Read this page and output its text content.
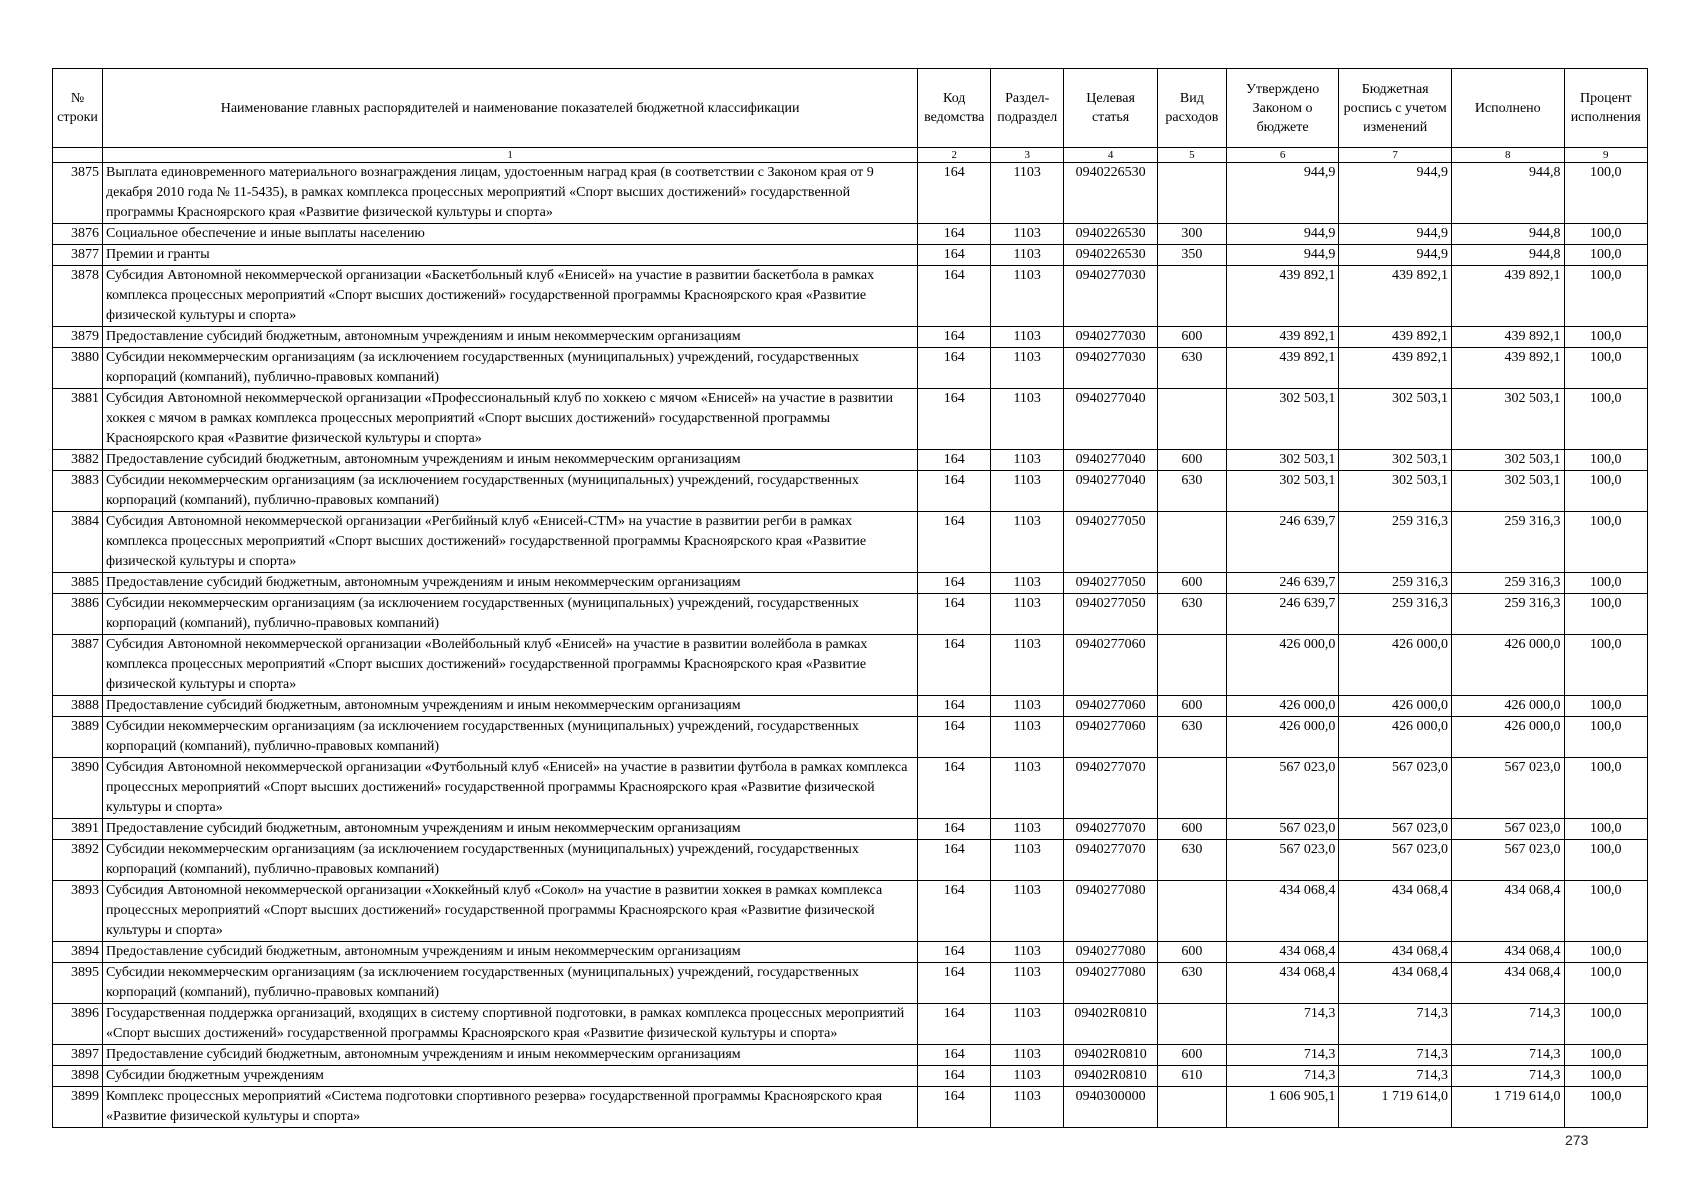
№ строки	Наименование главных распорядителей и наименование показателей бюджетной классификации	Код ведомства	Раздел-подраздел	Целевая статья	Вид расходов	Утверждено Законом о бюджете	Бюджетная роспись с учетом изменений	Исполнено	Процент исполнения
	1	2	3	4	5	6	7	8	9
3875	Выплата единовременного материального вознаграждения лицам, удостоенным наград края (в соответствии с Законом края от 9 декабря 2010 года № 11-5435), в рамках комплекса процессных мероприятий «Спорт высших достижений» государственной программы Красноярского края «Развитие физической культуры и спорта»	164	1103	0940226530		944,9	944,9	944,8	100,0
3876	Социальное обеспечение и иные выплаты населению	164	1103	0940226530	300	944,9	944,9	944,8	100,0
3877	Премии и гранты	164	1103	0940226530	350	944,9	944,9	944,8	100,0
3878	Субсидия Автономной некоммерческой организации «Баскетбольный клуб «Енисей» на участие в развитии баскетбола в рамках комплекса процессных мероприятий «Спорт высших достижений» государственной программы Красноярского края «Развитие физической культуры и спорта»	164	1103	0940277030		439 892,1	439 892,1	439 892,1	100,0
3879	Предоставление субсидий бюджетным, автономным учреждениям и иным некоммерческим организациям	164	1103	0940277030	600	439 892,1	439 892,1	439 892,1	100,0
3880	Субсидии некоммерческим организациям (за исключением государственных (муниципальных) учреждений, государственных корпораций (компаний), публично-правовых компаний)	164	1103	0940277030	630	439 892,1	439 892,1	439 892,1	100,0
3881	Субсидия Автономной некоммерческой организации «Профессиональный клуб по хоккею с мячом «Енисей» на участие в развитии хоккея с мячом в рамках комплекса процессных мероприятий «Спорт высших достижений» государственной программы Красноярского края «Развитие физической культуры и спорта»	164	1103	0940277040		302 503,1	302 503,1	302 503,1	100,0
3882	Предоставление субсидий бюджетным, автономным учреждениям и иным некоммерческим организациям	164	1103	0940277040	600	302 503,1	302 503,1	302 503,1	100,0
3883	Субсидии некоммерческим организациям (за исключением государственных (муниципальных) учреждений, государственных корпораций (компаний), публично-правовых компаний)	164	1103	0940277040	630	302 503,1	302 503,1	302 503,1	100,0
3884	Субсидия Автономной некоммерческой организации «Регбийный клуб «Енисей-СТМ» на участие в развитии регби в рамках комплекса процессных мероприятий «Спорт высших достижений» государственной программы Красноярского края «Развитие физической культуры и спорта»	164	1103	0940277050		246 639,7	259 316,3	259 316,3	100,0
3885	Предоставление субсидий бюджетным, автономным учреждениям и иным некоммерческим организациям	164	1103	0940277050	600	246 639,7	259 316,3	259 316,3	100,0
3886	Субсидии некоммерческим организациям (за исключением государственных (муниципальных) учреждений, государственных корпораций (компаний), публично-правовых компаний)	164	1103	0940277050	630	246 639,7	259 316,3	259 316,3	100,0
3887	Субсидия Автономной некоммерческой организации «Волейбольный клуб «Енисей» на участие в развитии волейбола в рамках комплекса процессных мероприятий «Спорт высших достижений» государственной программы Красноярского края «Развитие физической культуры и спорта»	164	1103	0940277060		426 000,0	426 000,0	426 000,0	100,0
3888	Предоставление субсидий бюджетным, автономным учреждениям и иным некоммерческим организациям	164	1103	0940277060	600	426 000,0	426 000,0	426 000,0	100,0
3889	Субсидии некоммерческим организациям (за исключением государственных (муниципальных) учреждений, государственных корпораций (компаний), публично-правовых компаний)	164	1103	0940277060	630	426 000,0	426 000,0	426 000,0	100,0
3890	Субсидия Автономной некоммерческой организации «Футбольный клуб «Енисей» на участие в развитии футбола в рамках комплекса процессных мероприятий «Спорт высших достижений» государственной программы Красноярского края «Развитие физической культуры и спорта»	164	1103	0940277070		567 023,0	567 023,0	567 023,0	100,0
3891	Предоставление субсидий бюджетным, автономным учреждениям и иным некоммерческим организациям	164	1103	0940277070	600	567 023,0	567 023,0	567 023,0	100,0
3892	Субсидии некоммерческим организациям (за исключением государственных (муниципальных) учреждений, государственных корпораций (компаний), публично-правовых компаний)	164	1103	0940277070	630	567 023,0	567 023,0	567 023,0	100,0
3893	Субсидия Автономной некоммерческой организации «Хоккейный клуб «Сокол» на участие в развитии хоккея в рамках комплекса процессных мероприятий «Спорт высших достижений» государственной программы Красноярского края «Развитие физической культуры и спорта»	164	1103	0940277080		434 068,4	434 068,4	434 068,4	100,0
3894	Предоставление субсидий бюджетным, автономным учреждениям и иным некоммерческим организациям	164	1103	0940277080	600	434 068,4	434 068,4	434 068,4	100,0
3895	Субсидии некоммерческим организациям (за исключением государственных (муниципальных) учреждений, государственных корпораций (компаний), публично-правовых компаний)	164	1103	0940277080	630	434 068,4	434 068,4	434 068,4	100,0
3896	Государственная поддержка организаций, входящих в систему спортивной подготовки, в рамках комплекса процессных мероприятий «Спорт высших достижений» государственной программы Красноярского края «Развитие физической культуры и спорта»	164	1103	09402R0810		714,3	714,3	714,3	100,0
3897	Предоставление субсидий бюджетным, автономным учреждениям и иным некоммерческим организациям	164	1103	09402R0810	600	714,3	714,3	714,3	100,0
3898	Субсидии бюджетным учреждениям	164	1103	09402R0810	610	714,3	714,3	714,3	100,0
3899	Комплекс процессных мероприятий «Система подготовки спортивного резерва» государственной программы Красноярского края «Развитие физической культуры и спорта»	164	1103	0940300000		1 606 905,1	1 719 614,0	1 719 614,0	100,0
273
